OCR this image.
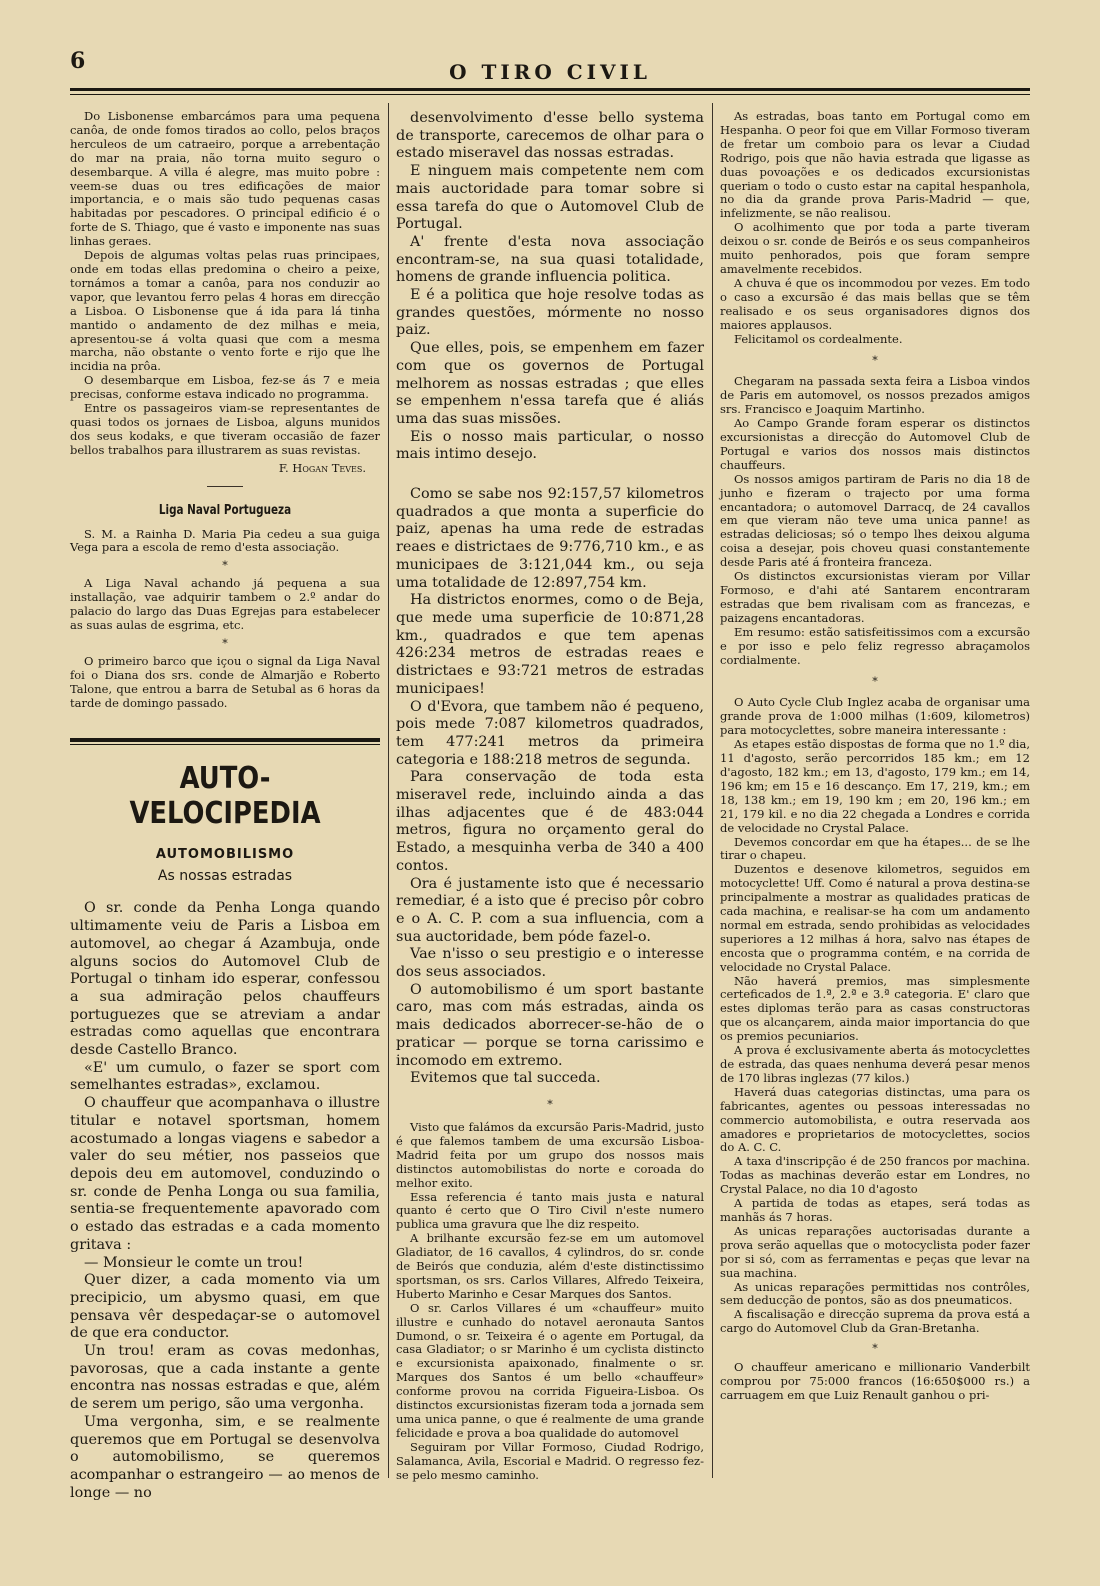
6	O TIRO CIVIL

Do Lisbonense embarcámos para uma pequena canôa, de onde fomos tirados ao collo, pelos braços herculeos de um catraeiro, porque a arrebentação do mar na praia, não torna muito seguro o desembarque. A villa é alegre, mas muito pobre : veem-se duas ou tres edificações de maior importancia, e o mais são tudo pequenas casas habitadas por pescadores. O principal edificio é o forte de S. Thiago, que é vasto e imponente nas suas linhas geraes.

Depois de algumas voltas pelas ruas principaes, onde em todas ellas predomina o cheiro a peixe, tornámos a tomar a canôa, para nos conduzir ao vapor, que levantou ferro pelas 4 horas em direcção a Lisboa. O Lisbonense que á ida para lá tinha mantido o andamento de dez milhas e meia, apresentou-se á volta quasi que com a mesma marcha, não obstante o vento forte e rijo que lhe incidia na prôa.

O desembarque em Lisboa, fez-se ás 7 e meia precisas, conforme estava indicado no programma.

Entre os passageiros viam-se representantes de quasi todos os jornaes de Lisboa, alguns munidos dos seus kodaks, e que tiveram occasião de fazer bellos trabalhos para illustrarem as suas revistas.

F. Hogan Teves.

Liga Naval Portugueza

S. M. a Rainha D. Maria Pia cedeu a sua guiga Vega para a escola de remo d'esta associação.

*

A Liga Naval achando já pequena a sua installação, vae adquirir tambem o 2.º andar do palacio do largo das Duas Egrejas para estabelecer as suas aulas de esgrima, etc.

*

O primeiro barco que içou o signal da Liga Naval foi o Diana dos srs. conde de Almarjão e Roberto Talone, que entrou a barra de Setubal as 6 horas da tarde de domingo passado.

AUTO-VELOCIPEDIA
AUTOMOBILISMO
As nossas estradas

O sr. conde da Penha Longa quando ultimamente veiu de Paris a Lisboa em automovel, ao chegar á Azambuja, onde alguns socios do Automovel Club de Portugal o tinham ido esperar, confessou a sua admiração pelos chauffeurs portuguezes que se atreviam a andar estradas como aquellas que encontrara desde Castello Branco.

«E' um cumulo, o fazer se sport com semelhantes estradas», exclamou.

O chauffeur que acompanhava o illustre titular e notavel sportsman, homem acostumado a longas viagens e sabedor a valer do seu métier, nos passeios que depois deu em automovel, conduzindo o sr. conde de Penha Longa ou sua familia, sentia-se frequentemente apavorado com o estado das estradas e a cada momento gritava :

— Monsieur le comte un trou!

Quer dizer, a cada momento via um precipicio, um abysmo quasi, em que pensava vêr despedaçar-se o automovel de que era conductor.

Un trou! eram as covas medonhas, pavorosas, que a cada instante a gente encontra nas nossas estradas e que, além de serem um perigo, são uma vergonha.

Uma vergonha, sim, e se realmente queremos que em Portugal se desenvolva o automobilismo, se queremos acompanhar o estrangeiro — ao menos de longe — no

desenvolvimento d'esse bello systema de transporte, carecemos de olhar para o estado miseravel das nossas estradas.

E ninguem mais competente nem com mais auctoridade para tomar sobre si essa tarefa do que o Automovel Club de Portugal.

A' frente d'esta nova associação encontram-se, na sua quasi totalidade, homens de grande influencia politica.

E é a politica que hoje resolve todas as grandes questões, mórmente no nosso paiz.

Que elles, pois, se empenhem em fazer com que os governos de Portugal melhorem as nossas estradas ; que elles se empenhem n'essa tarefa que é aliás uma das suas missões.

Eis o nosso mais particular, o nosso mais intimo desejo.

Como se sabe nos 92:157,57 kilometros quadrados a que monta a superficie do paiz, apenas ha uma rede de estradas reaes e districtaes de 9:776,710 km., e as municipaes de 3:121,044 km., ou seja uma totalidade de 12:897,754 km.

Ha districtos enormes, como o de Beja, que mede uma superficie de 10:871,28 km., quadrados e que tem apenas 426:234 metros de estradas reaes e districtaes e 93:721 metros de estradas municipaes!

O d'Evora, que tambem não é pequeno, pois mede 7:087 kilometros quadrados, tem 477:241 metros da primeira categoria e 188:218 metros de segunda.

Para conservação de toda esta miseravel rede, incluindo ainda a das ilhas adjacentes que é de 483:044 metros, figura no orçamento geral do Estado, a mesquinha verba de 340 a 400 contos.

Ora é justamente isto que é necessario remediar, é a isto que é preciso pôr cobro e o A. C. P. com a sua influencia, com a sua auctoridade, bem póde fazel-o.

Vae n'isso o seu prestigio e o interesse dos seus associados.

O automobilismo é um sport bastante caro, mas com más estradas, ainda os mais dedicados aborrecer-se-hão de o praticar — porque se torna carissimo e incomodo em extremo.

Evitemos que tal succeda.

*

Visto que falámos da excursão Paris-Madrid, justo é que falemos tambem de uma excursão Lisboa-Madrid feita por um grupo dos nossos mais distinctos automobilistas do norte e coroada do melhor exito.

Essa referencia é tanto mais justa e natural quanto é certo que O Tiro Civil n'este numero publica uma gravura que lhe diz respeito.

A brilhante excursão fez-se em um automovel Gladiator, de 16 cavallos, 4 cylindros, do sr. conde de Beirós que conduzia, além d'este distinctissimo sportsman, os srs. Carlos Villares, Alfredo Teixeira, Huberto Marinho e Cesar Marques dos Santos.

O sr. Carlos Villares é um «chauffeur» muito illustre e cunhado do notavel aeronauta Santos Dumond, o sr. Teixeira é o agente em Portugal, da casa Gladiator; o sr Marinho é um cyclista distincto e excursionista apaixonado, finalmente o sr. Marques dos Santos é um bello «chauffeur» conforme provou na corrida Figueira-Lisboa. Os distinctos excursionistas fizeram toda a jornada sem uma unica panne, o que é realmente de uma grande felicidade e prova a boa qualidade do automovel

Seguiram por Villar Formoso, Ciudad Rodrigo, Salamanca, Avila, Escorial e Madrid. O regresso fez-se pelo mesmo caminho.

As estradas, boas tanto em Portugal como em Hespanha. O peor foi que em Villar Formoso tiveram de fretar um comboio para os levar a Ciudad Rodrigo, pois que não havia estrada que ligasse as duas povoações e os dedicados excursionistas queriam o todo o custo estar na capital hespanhola, no dia da grande prova Paris-Madrid — que, infelizmente, se não realisou.

O acolhimento que por toda a parte tiveram deixou o sr. conde de Beirós e os seus companheiros muito penhorados, pois que foram sempre amavelmente recebidos.

A chuva é que os incommodou por vezes. Em todo o caso a excursão é das mais bellas que se têm realisado e os seus organisadores dignos dos maiores applausos.

Felicitamol os cordealmente.

*

Chegaram na passada sexta feira a Lisboa vindos de Paris em automovel, os nossos prezados amigos srs. Francisco e Joaquim Martinho.

Ao Campo Grande foram esperar os distinctos excursionistas a direcção do Automovel Club de Portugal e varios dos nossos mais distinctos chauffeurs.

Os nossos amigos partiram de Paris no dia 18 de junho e fizeram o trajecto por uma forma encantadora; o automovel Darracq, de 24 cavallos em que vieram não teve uma unica panne! as estradas deliciosas; só o tempo lhes deixou alguma coisa a desejar, pois choveu quasi constantemente desde Paris até á fronteira franceza.

Os distinctos excursionistas vieram por Villar Formoso, e d'ahi até Santarem encontraram estradas que bem rivalisam com as francezas, e paizagens encantadoras.

Em resumo: estão satisfeitissimos com a excursão e por isso e pelo feliz regresso abraçamolos cordialmente.

*

O Auto Cycle Club Inglez acaba de organisar uma grande prova de 1:000 milhas (1:609, kilometros) para motocyclettes, sobre maneira interessante :

As etapes estão dispostas de forma que no 1.º dia, 11 d'agosto, serão percorridos 185 km.; em 12 d'agosto, 182 km.; em 13, d'agosto, 179 km.; em 14, 196 km; em 15 e 16 descanço. Em 17, 219, km.; em 18, 138 km.; em 19, 190 km ; em 20, 196 km.; em 21, 179 kil. e no dia 22 chegada a Londres e corrida de velocidade no Crystal Palace.

Devemos concordar em que ha étapes... de se lhe tirar o chapeu.

Duzentos e desenove kilometros, seguidos em motocyclette! Uff. Como é natural a prova destina-se principalmente a mostrar as qualidades praticas de cada machina, e realisar-se ha com um andamento normal em estrada, sendo prohibidas as velocidades superiores a 12 milhas á hora, salvo nas étapes de encosta que o programma contém, e na corrida de velocidade no Crystal Palace.

Não haverá premios, mas simplesmente certeficados de 1.ª, 2.ª e 3.ª categoria. E' claro que estes diplomas terão para as casas constructoras que os alcançarem, ainda maior importancia do que os premios pecuniarios.

A prova é exclusivamente aberta ás motocyclettes de estrada, das quaes nenhuma deverá pesar menos de 170 libras inglezas (77 kilos.)

Haverá duas categorias distinctas, uma para os fabricantes, agentes ou pessoas interessadas no commercio automobilista, e outra reservada aos amadores e proprietarios de motocyclettes, socios do A. C. C.

A taxa d'inscripção é de 250 francos por machina. Todas as machinas deverão estar em Londres, no Crystal Palace, no dia 10 d'agosto

A partida de todas as etapes, será todas as manhãs ás 7 horas.

As unicas reparações auctorisadas durante a prova serão aquellas que o motocyclista poder fazer por si só, com as ferramentas e peças que levar na sua machina.

As unicas reparações permittidas nos contrôles, sem deducção de pontos, são as dos pneumaticos.

A fiscalisação e direcção suprema da prova está a cargo do Automovel Club da Gran-Bretanha.

*

O chauffeur americano e millionario Vanderbilt comprou por 75:000 francos (16:650$000 rs.) a carruagem em que Luiz Renault ganhou o pri-
